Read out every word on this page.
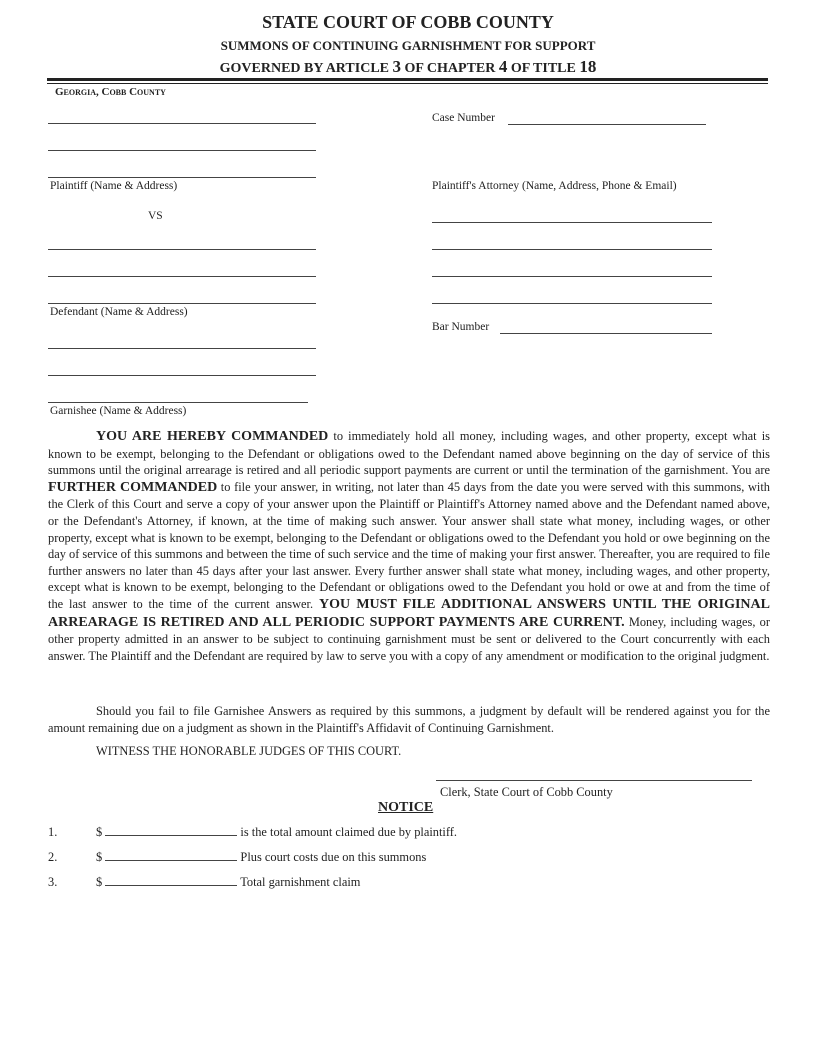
STATE COURT OF COBB COUNTY
SUMMONS OF CONTINUING GARNISHMENT FOR SUPPORT
GOVERNED BY ARTICLE 3 OF CHAPTER 4 OF TITLE 18
Georgia, Cobb County
Plaintiff (Name & Address)
VS
Defendant (Name & Address)
Garnishee (Name & Address)
Case Number
Plaintiff's Attorney (Name, Address, Phone & Email)
Bar Number
YOU ARE HEREBY COMMANDED to immediately hold all money, including wages, and other property, except what is known to be exempt, belonging to the Defendant or obligations owed to the Defendant named above beginning on the day of service of this summons until the original arrearage is retired and all periodic support payments are current or until the termination of the garnishment. You are FURTHER COMMANDED to file your answer, in writing, not later than 45 days from the date you were served with this summons, with the Clerk of this Court and serve a copy of your answer upon the Plaintiff or Plaintiff's Attorney named above and the Defendant named above, or the Defendant's Attorney, if known, at the time of making such answer. Your answer shall state what money, including wages, or other property, except what is known to be exempt, belonging to the Defendant or obligations owed to the Defendant you hold or owe beginning on the day of service of this summons and between the time of such service and the time of making your first answer. Thereafter, you are required to file further answers no later than 45 days after your last answer. Every further answer shall state what money, including wages, and other property, except what is known to be exempt, belonging to the Defendant or obligations owed to the Defendant you hold or owe at and from the time of the last answer to the time of the current answer. YOU MUST FILE ADDITIONAL ANSWERS UNTIL THE ORIGINAL ARREARAGE IS RETIRED AND ALL PERIODIC SUPPORT PAYMENTS ARE CURRENT. Money, including wages, or other property admitted in an answer to be subject to continuing garnishment must be sent or delivered to the Court concurrently with each answer. The Plaintiff and the Defendant are required by law to serve you with a copy of any amendment or modification to the original judgment.
Should you fail to file Garnishee Answers as required by this summons, a judgment by default will be rendered against you for the amount remaining due on a judgment as shown in the Plaintiff's Affidavit of Continuing Garnishment.
WITNESS THE HONORABLE JUDGES OF THIS COURT.
Clerk, State Court of Cobb County
NOTICE
1.	$	is the total amount claimed due by plaintiff.
2.	$	Plus court costs due on this summons
3.	$	Total garnishment claim
